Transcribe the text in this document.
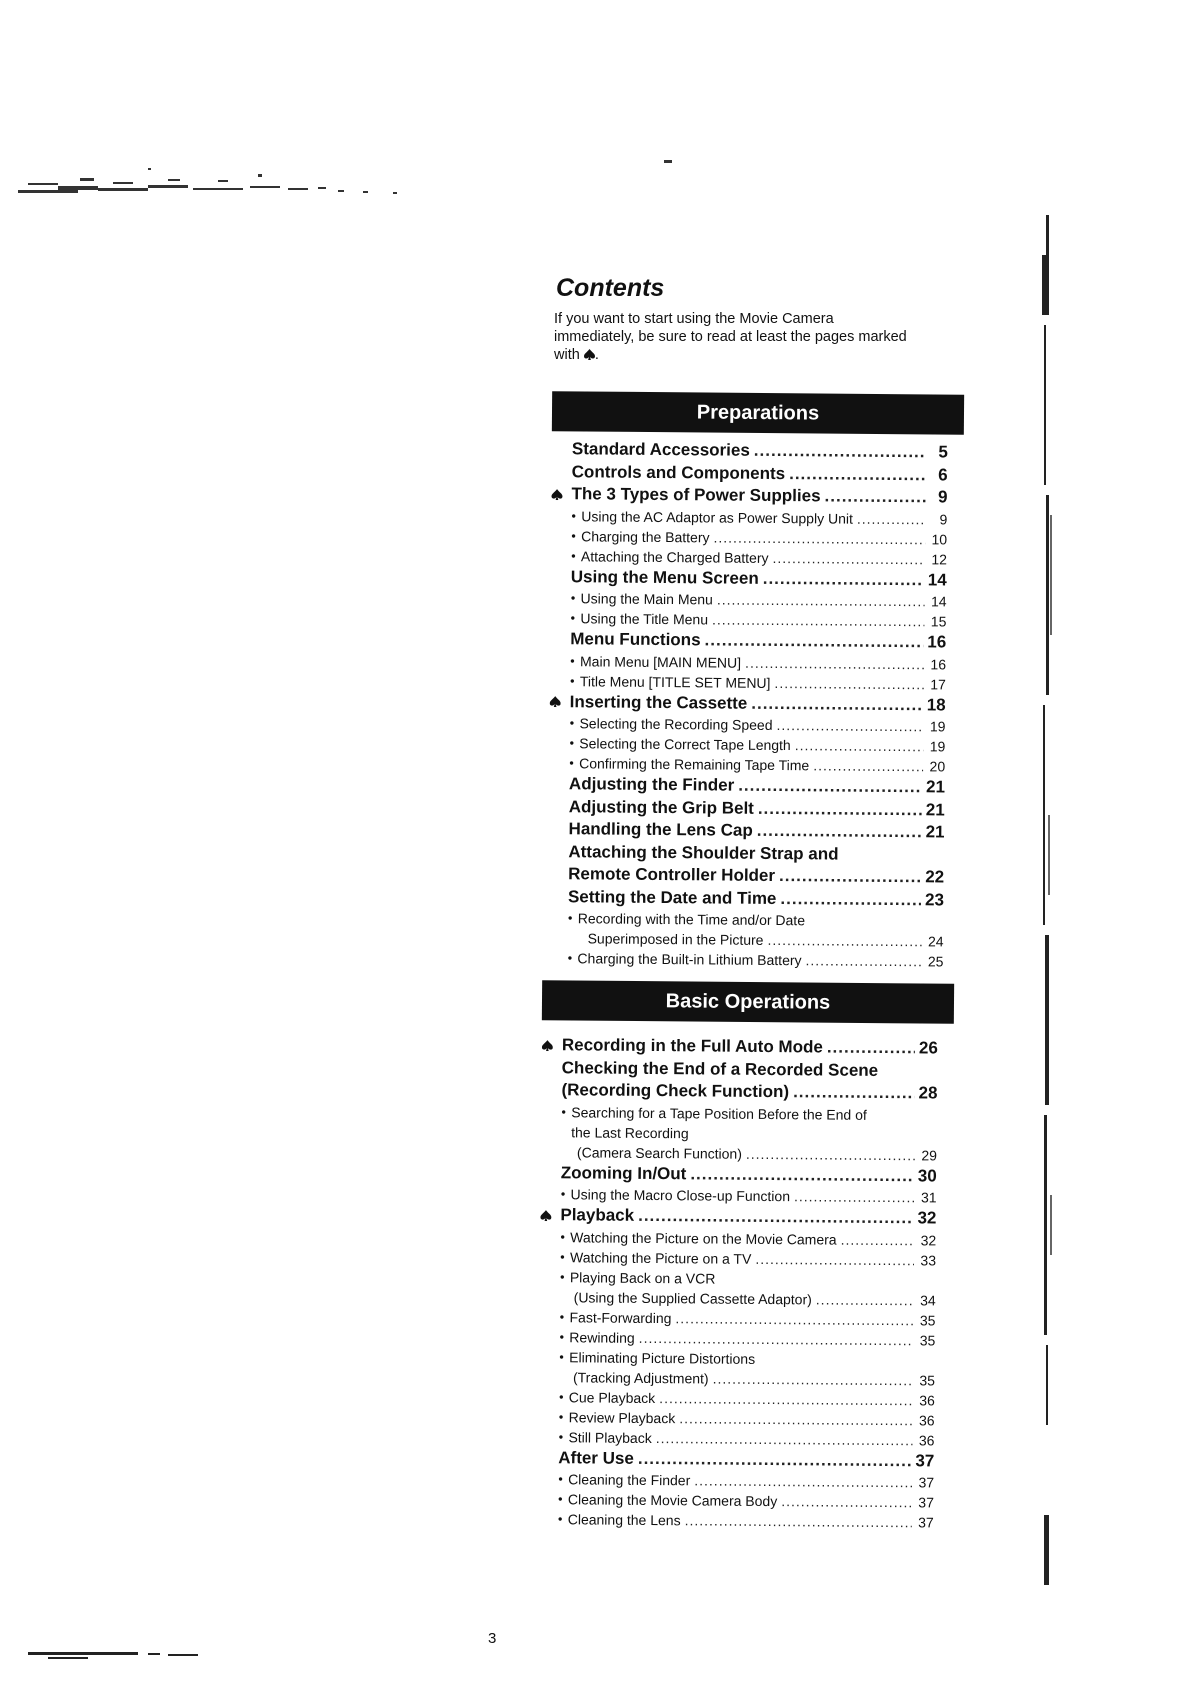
Contents
If you want to start using the Movie Camera
immediately, be sure to read at least the pages marked
with .
Preparations
Standard Accessories .....	5
Controls and Components .....	6
The 3 Types of Power Supplies .....	9
● Using the AC Adaptor as Power Supply Unit .....	9
● Charging the Battery .....	10
● Attaching the Charged Battery .....	12
Using the Menu Screen .....	14
● Using the Main Menu .....	14
● Using the Title Menu .....	15
Menu Functions .....	16
● Main Menu [MAIN MENU] .....	16
● Title Menu [TITLE SET MENU] .....	17
Inserting the Cassette .....	18
● Selecting the Recording Speed .....	19
● Selecting the Correct Tape Length .....	19
● Confirming the Remaining Tape Time .....	20
Adjusting the Finder .....	21
Adjusting the Grip Belt .....	21
Handling the Lens Cap .....	21
Attaching the Shoulder Strap and
Remote Controller Holder .....	22
Setting the Date and Time .....	23
● Recording with the Time and/or Date
Superimposed in the Picture .....	24
● Charging the Built-in Lithium Battery .....	25
Basic Operations
Recording in the Full Auto Mode .....	26
Checking the End of a Recorded Scene
(Recording Check Function) .....	28
● Searching for a Tape Position Before the End of
the Last Recording
(Camera Search Function) .....	29
Zooming In/Out .....	30
● Using the Macro Close-up Function .....	31
Playback .....	32
● Watching the Picture on the Movie Camera .....	32
● Watching the Picture on a TV .....	33
● Playing Back on a VCR
(Using the Supplied Cassette Adaptor) .....	34
● Fast-Forwarding .....	35
● Rewinding .....	35
● Eliminating Picture Distortions
(Tracking Adjustment) .....	35
● Cue Playback .....	36
● Review Playback .....	36
● Still Playback .....	36
After Use .....	37
● Cleaning the Finder .....	37
● Cleaning the Movie Camera Body .....	37
● Cleaning the Lens .....	37
3
